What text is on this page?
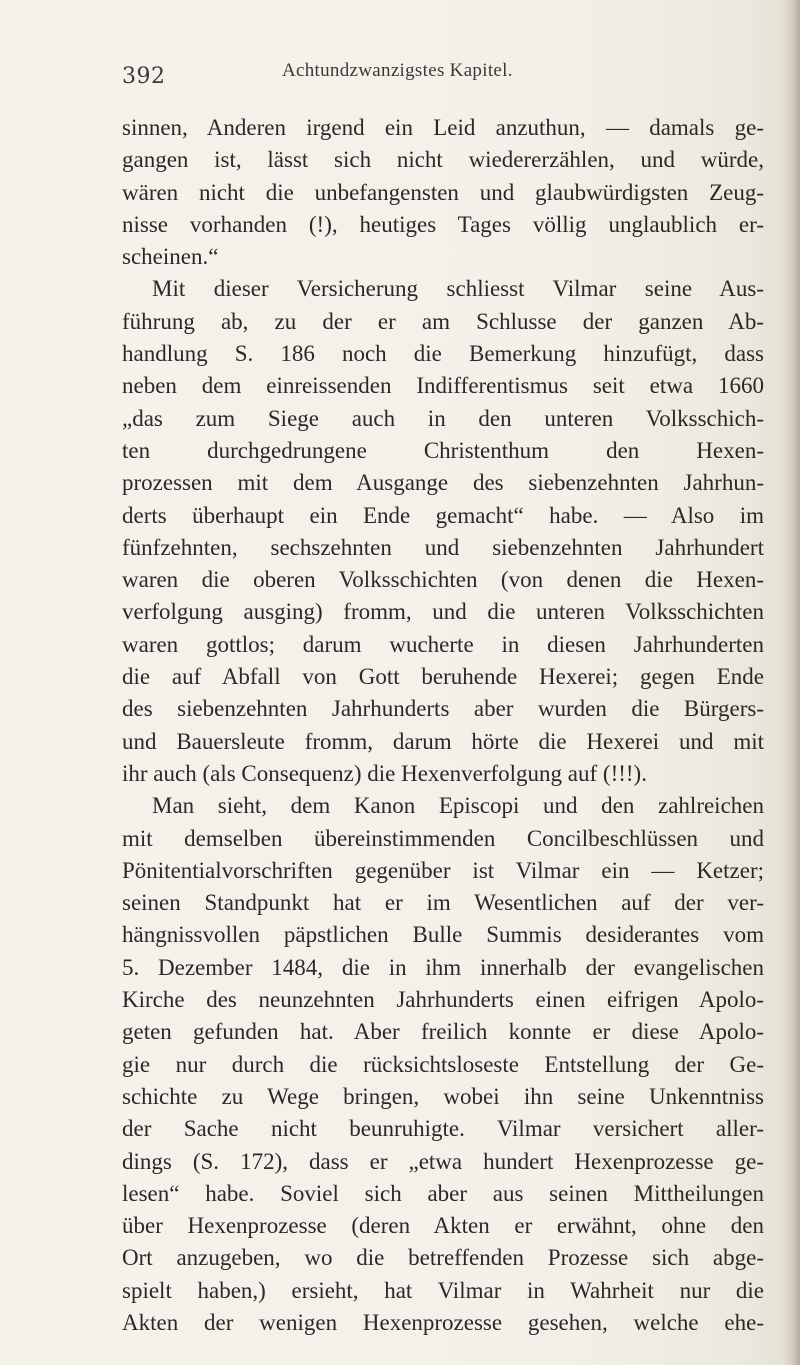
392	Achtundzwanzigstes Kapitel.
sinnen, Anderen irgend ein Leid anzuthun, — damals ge-
gangen ist, lässt sich nicht wiedererzählen, und würde,
wären nicht die unbefangensten und glaubwürdigsten Zeug-
nisse vorhanden (!), heutiges Tages völlig unglaublich er-
scheinen.“
Mit dieser Versicherung schliesst Vilmar seine Aus-
führung ab, zu der er am Schlusse der ganzen Ab-
handlung S. 186 noch die Bemerkung hinzufügt, dass
neben dem einreissenden Indifferentismus seit etwa 1660
„das zum Siege auch in den unteren Volksschich-
ten durchgedrungene Christenthum den Hexen-
prozessen mit dem Ausgange des siebenzehnten Jahrhun-
derts überhaupt ein Ende gemacht“ habe. — Also im
fünfzehnten, sechszehnten und siebenzehnten Jahrhundert
waren die oberen Volksschichten (von denen die Hexen-
verfolgung ausging) fromm, und die unteren Volksschichten
waren gottlos; darum wucherte in diesen Jahrhunderten
die auf Abfall von Gott beruhende Hexerei; gegen Ende
des siebenzehnten Jahrhunderts aber wurden die Bürgers-
und Bauersleute fromm, darum hörte die Hexerei und mit
ihr auch (als Consequenz) die Hexenverfolgung auf (!!!).
Man sieht, dem Kanon Episcopi und den zahlreichen
mit demselben übereinstimmenden Concilbeschlüssen und
Pönitentialvorschriften gegenüber ist Vilmar ein — Ketzer;
seinen Standpunkt hat er im Wesentlichen auf der ver-
hängnissvollen päpstlichen Bulle Summis desiderantes vom
5. Dezember 1484, die in ihm innerhalb der evangelischen
Kirche des neunzehnten Jahrhunderts einen eifrigen Apolo-
geten gefunden hat. Aber freilich konnte er diese Apolo-
gie nur durch die rücksichtsloseste Entstellung der Ge-
schichte zu Wege bringen, wobei ihn seine Unkenntniss
der Sache nicht beunruhigte. Vilmar versichert aller-
dings (S. 172), dass er „etwa hundert Hexenprozesse ge-
lesen“ habe. Soviel sich aber aus seinen Mittheilungen
über Hexenprozesse (deren Akten er erwähnt, ohne den
Ort anzugeben, wo die betreffenden Prozesse sich abge-
spielt haben,) ersieht, hat Vilmar in Wahrheit nur die
Akten der wenigen Hexenprozesse gesehen, welche ehe-
